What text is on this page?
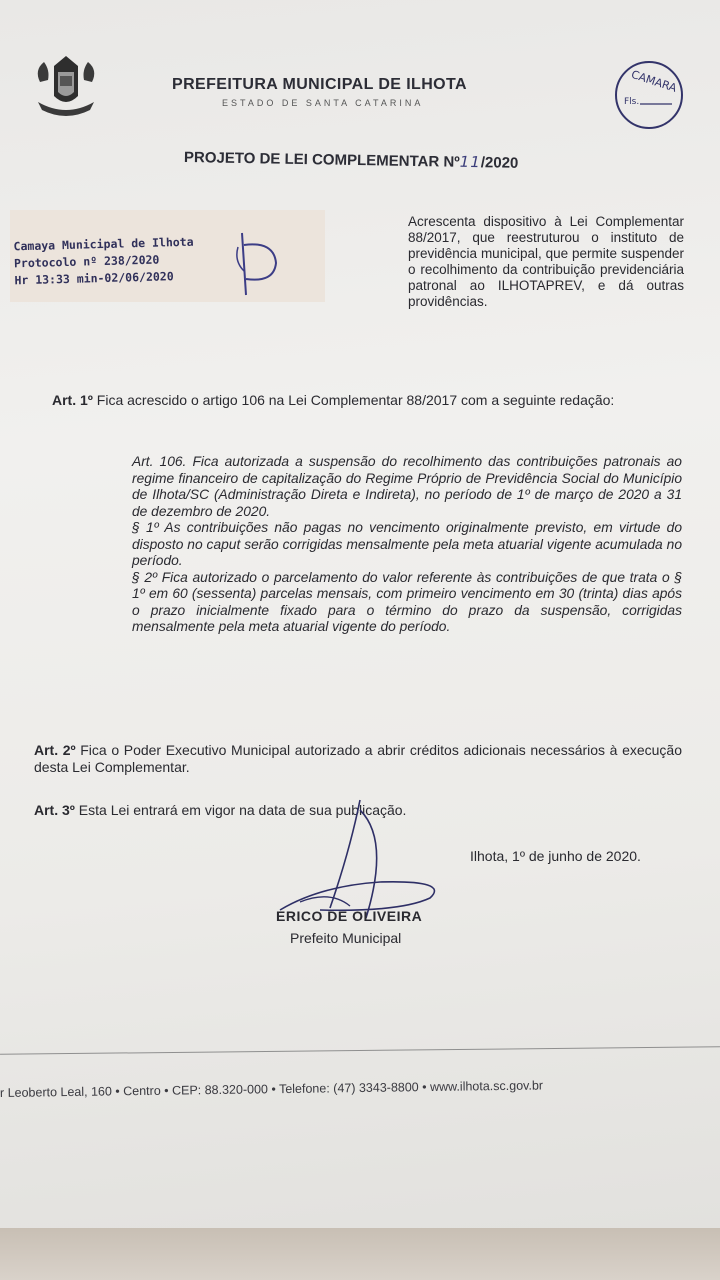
PREFEITURA MUNICIPAL DE ILHOTA
ESTADO DE SANTA CATARINA
CAMARA
Fls.
PROJETO DE LEI COMPLEMENTAR Nº11/2020
Camaya Municipal de Ilhota
Protocolo nº 238/2020
Hr 13:33 min-02/06/2020
Acrescenta dispositivo à Lei Complementar 88/2017, que reestruturou o instituto de previdência municipal, que permite suspender o recolhimento da contribuição previdenciária patronal ao ILHOTAPREV, e dá outras providências.
Art. 1º Fica acrescido o artigo 106 na Lei Complementar 88/2017 com a seguinte redação:

Art. 106. Fica autorizada a suspensão do recolhimento das contribuições patronais ao regime financeiro de capitalização do Regime Próprio de Previdência Social do Município de Ilhota/SC (Administração Direta e Indireta), no período de 1º de março de 2020 a 31 de dezembro de 2020.

§ 1º As contribuições não pagas no vencimento originalmente previsto, em virtude do disposto no caput serão corrigidas mensalmente pela meta atuarial vigente acumulada no período.

§ 2º Fica autorizado o parcelamento do valor referente às contribuições de que trata o § 1º em 60 (sessenta) parcelas mensais, com primeiro vencimento em 30 (trinta) dias após o prazo inicialmente fixado para o término do prazo da suspensão, corrigidas mensalmente pela meta atuarial vigente do período.

Art. 2º Fica o Poder Executivo Municipal autorizado a abrir créditos adicionais necessários à execução desta Lei Complementar.
Art. 3º Esta Lei entrará em vigor na data de sua publicação.
Ilhota, 1º de junho de 2020.
ERICO DE OLIVEIRA
Prefeito Municipal
r Leoberto Leal, 160 • Centro • CEP: 88.320-000 • Telefone: (47) 3343-8800 • www.ilhota.sc.gov.br
